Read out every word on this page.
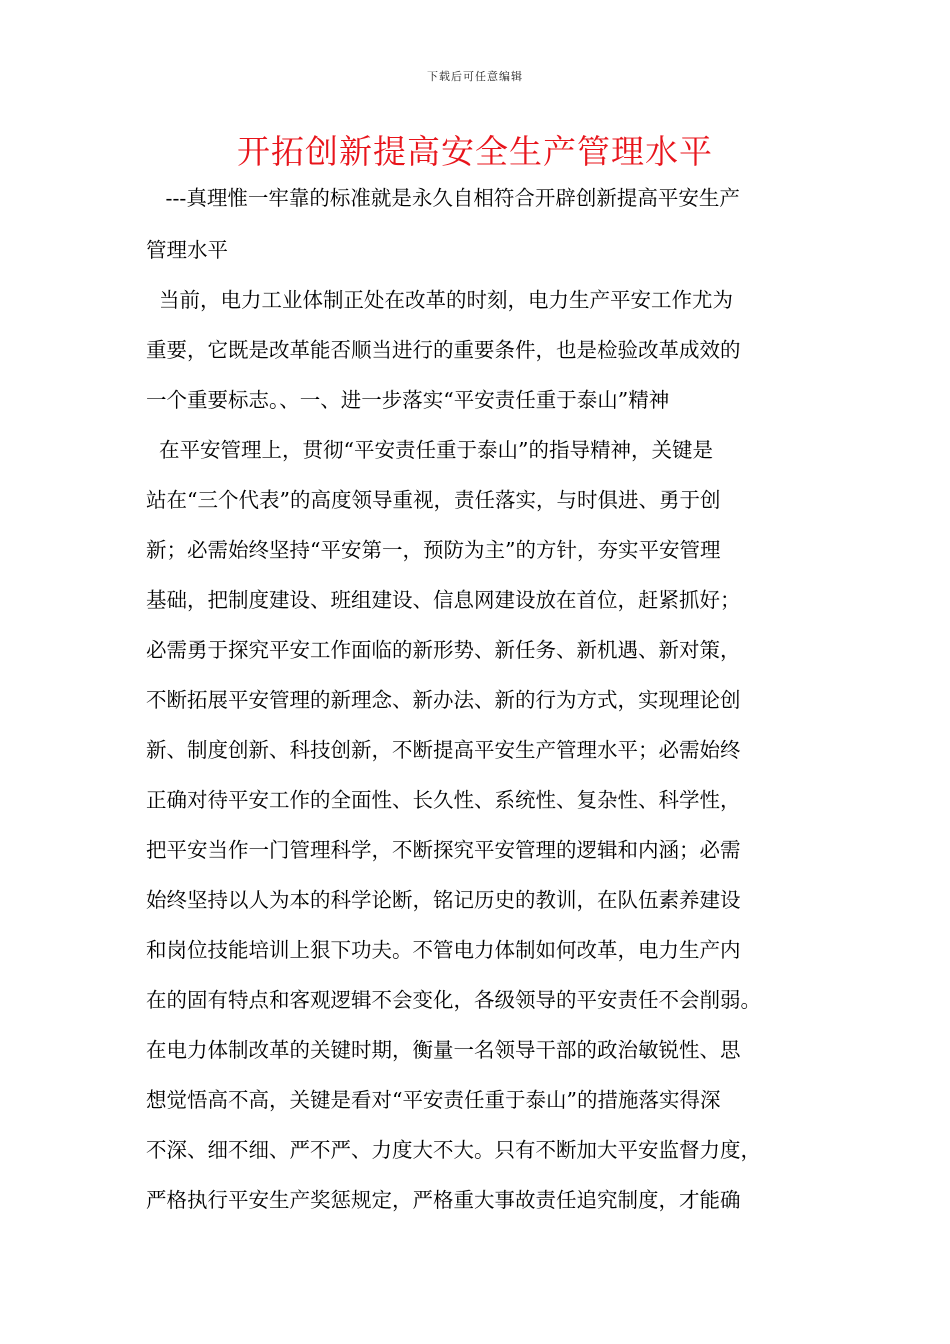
下载后可任意编辑
开拓创新提高安全生产管理水平
---真理惟一牢靠的标准就是永久自相符合开辟创新提高平安生产
管理水平
当前，电力工业体制正处在改革的时刻，电力生产平安工作尤为
重要，它既是改革能否顺当进行的重要条件，也是检验改革成效的
一个重要标志。、一、进一步落实“平安责任重于泰山”精神
在平安管理上，贯彻“平安责任重于泰山”的指导精神，关键是
站在“三个代表”的高度领导重视，责任落实，与时俱进、勇于创
新；必需始终坚持“平安第一，预防为主”的方针，夯实平安管理
基础，把制度建设、班组建设、信息网建设放在首位，赶紧抓好；
必需勇于探究平安工作面临的新形势、新任务、新机遇、新对策，
不断拓展平安管理的新理念、新办法、新的行为方式，实现理论创
新、制度创新、科技创新，不断提高平安生产管理水平；必需始终
正确对待平安工作的全面性、长久性、系统性、复杂性、科学性，
把平安当作一门管理科学，不断探究平安管理的逻辑和内涵；必需
始终坚持以人为本的科学论断，铭记历史的教训，在队伍素养建设
和岗位技能培训上狠下功夫。不管电力体制如何改革，电力生产内
在的固有特点和客观逻辑不会变化，各级领导的平安责任不会削弱。
在电力体制改革的关键时期，衡量一名领导干部的政治敏锐性、思
想觉悟高不高，关键是看对“平安责任重于泰山”的措施落实得深
不深、细不细、严不严、力度大不大。只有不断加大平安监督力度，
严格执行平安生产奖惩规定，严格重大事故责任追究制度，才能确
